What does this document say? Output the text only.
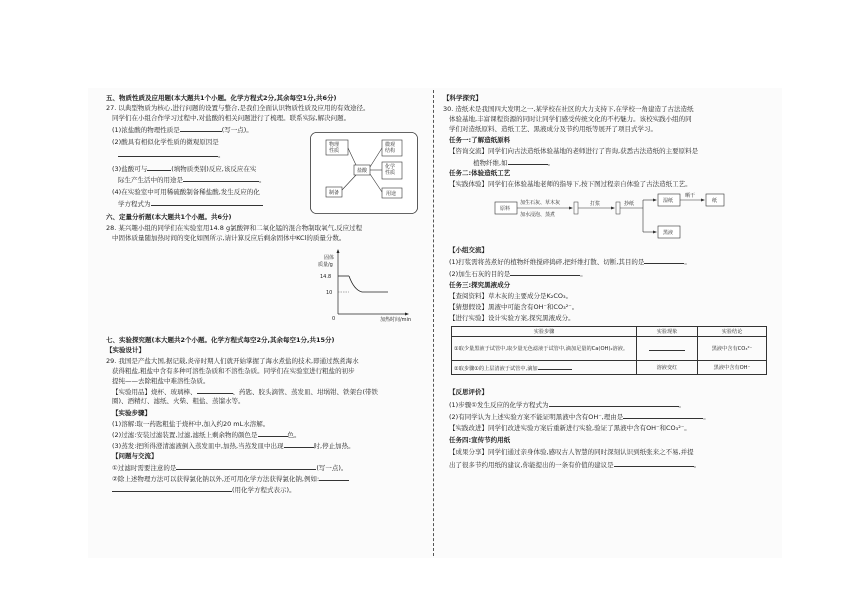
五、物质性质及应用题(本大题共1个小题。化学方程式2分,其余每空1分,共6分)
27. 以典型物质为核心,进行问题的设置与整合,是我们全面认识物质性质及应用的有效途径。
同学们在小组合作学习过程中,对盐酸的相关问题进行了梳理。联系实际,解决问题。
(1)浓盐酸的物理性质是	(写一点)。
(2)酸具有相似化学性质的微观原因是
。
(3)盐酸可与	(填物质类别)反应,该反应在实
际生产生活中的用途是	。
(4)在实验室中可用稀硫酸制备稀盐酸,发生反应的化
学方程式为
物理
性质
微观
结构
化学
性质
盐酸
制备	用途
六、定量分析题(本大题共1个小题。共6分)
28. 某兴趣小组的同学们在实验室用14.8 g氯酸钾和二氧化锰的混合物制取氧气,反应过程
中固体质量随加热时间的变化如图所示,请计算反应后剩余固体中KCl的质量分数。
固体
质量/g
14.8
10
0	加热时间/min
七、实验探究题(本大题共2个小题。化学方程式每空2分,其余每空1分,共15分)
【实验设计】
29. 我国是产盐大国,据记载,炎帝时期人们就开始掌握了海水煮盐的技术,即通过熬煮海水
获得粗盐,粗盐中含有多种可溶性杂质和不溶性杂质。同学们在实验室进行粗盐的初步
提纯——去除粗盐中难溶性杂质。
【实验用品】烧杯、玻璃棒、	、药匙、胶头滴管、蒸发皿、坩埚钳、铁架台(带铁
圈)、酒精灯、滤纸、火柴、粗盐、蒸馏水等。
【实验步骤】
(1)溶解:取一药匙粗盐于烧杯中,加入约20 mL水溶解。
(2)过滤:安装过滤装置,过滤,滤纸上剩余物的颜色是	色。
(3)蒸发:把所得澄清滤液倒入蒸发皿中,加热,当蒸发皿中出现	时,停止加热。
【问题与交流】
①过滤时需要注意的是	(写一点)。
②除上述物理方法可以获得氯化钠以外,还可用化学方法获得氯化钠,例如:
(用化学方程式表示)。
【科学探究】
30. 造纸术是我国四大发明之一,某学校在社区的大力支持下,在学校一角建造了古法造纸
体验基地,丰富课程资源的同时让同学们感受传统文化的不朽魅力。该校实践小组的同
学们对造纸原料、造纸工艺、黑液成分及节约用纸等展开了项目式学习。
任务一:了解造纸原料
【咨询交流】同学们向古法造纸体验基地的老师进行了咨询,获悉古法造纸的主要原料是
植物纤维,如	。
任务二:体验造纸工艺
【实践体验】同学们在体验基地老师的指导下,按下图过程亲自体验了古法造纸工艺。
原料
加生石灰、草木灰
加水浸泡、蒸煮
打浆	抄纸	湿纸
晒干
纸
黑液
【小组交流】
(1)打浆需将蒸煮好的植物纤维搅碎捣碎,把纤维打散、切断,其目的是	。
(2)加生石灰的目的是	。
任务三:探究黑液成分
【查阅资料】草木灰的主要成分是K₂CO₃。
【猜想假设】黑液中可能含有OH⁻和CO₃²⁻。
【进行实验】设计实验方案,探究黑液成分。
实验步骤	实验现象	实验结论
①取少量黑液于试管中,取少量无色滤液于试管中,滴加足量的Ca(OH)₂溶液。		黑液中含有CO₃²⁻
②取步骤①的上层清液于试管中,滴加	溶液变红	黑液中含有OH⁻
【反思评价】
(1)步骤①发生反应的化学方程式为	。
(2)有同学认为上述实验方案不能证明黑液中含有OH⁻,理由是	。
【实践改进】同学们改进实验方案后重新进行实验,验证了黑液中含有OH⁻和CO₃²⁻。
任务四:宣传节约用纸
【成果分享】同学们通过亲身体验,感叹古人智慧的同时深刻认识到纸张来之不易,并提
出了很多节约用纸的建议,你能提出的一条有价值的建议是	。
